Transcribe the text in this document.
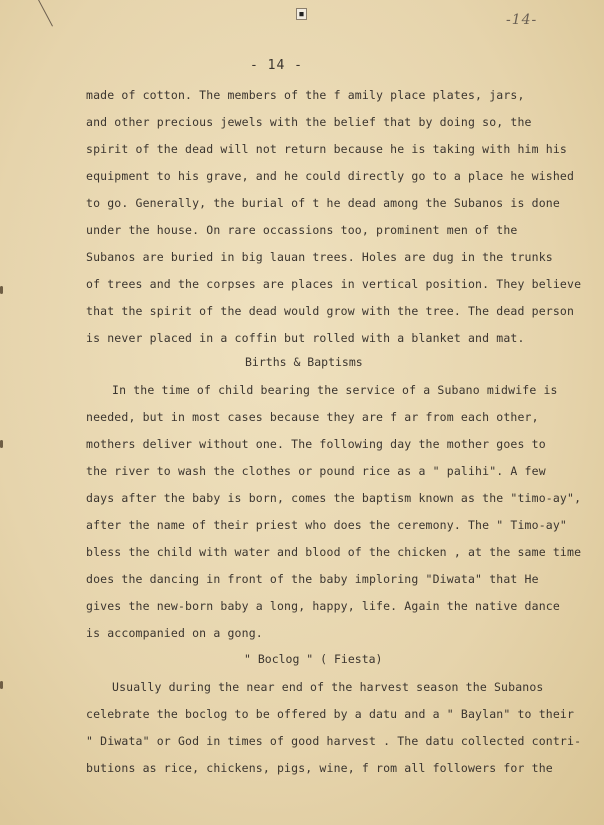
■	-14-
- 14 -
made of cotton. The members of the f amily place plates, jars,
and other precious jewels with the belief that by doing so, the
spirit of the dead will not return because he is taking with him his
equipment to his grave, and he could directly go to a place he wished
to go. Generally, the burial of t he dead among the Subanos is done
under the house. On rare occassions too, prominent men of the
Subanos are buried in big lauan trees. Holes are dug in the trunks
of trees and the corpses are places in vertical position. They believe
that the spirit of the dead would grow with the tree. The dead person
is never placed in a coffin but rolled with a blanket and mat.
Births & Baptisms
In the time of child bearing the service of a Subano midwife is
needed, but in most cases because they are f ar from each other,
mothers deliver without one. The following day the mother goes to
the river to wash the clothes or pound rice as a " palihi". A few
days after the baby is born, comes the baptism known as the "timo-ay",
after the name of their priest who does the ceremony. The " Timo-ay"
bless the child with water and blood of the chicken , at the same time
does the dancing in front of the baby imploring "Diwata" that He
gives the new-born baby a long, happy, life. Again the native dance
is accompanied on a gong.
" Boclog " ( Fiesta)
Usually during the near end of the harvest season the Subanos
celebrate the boclog to be offered by a datu and a " Baylan" to their
" Diwata" or God in times of good harvest . The datu collected contri-
butions as rice, chickens, pigs, wine, f rom all followers for the
